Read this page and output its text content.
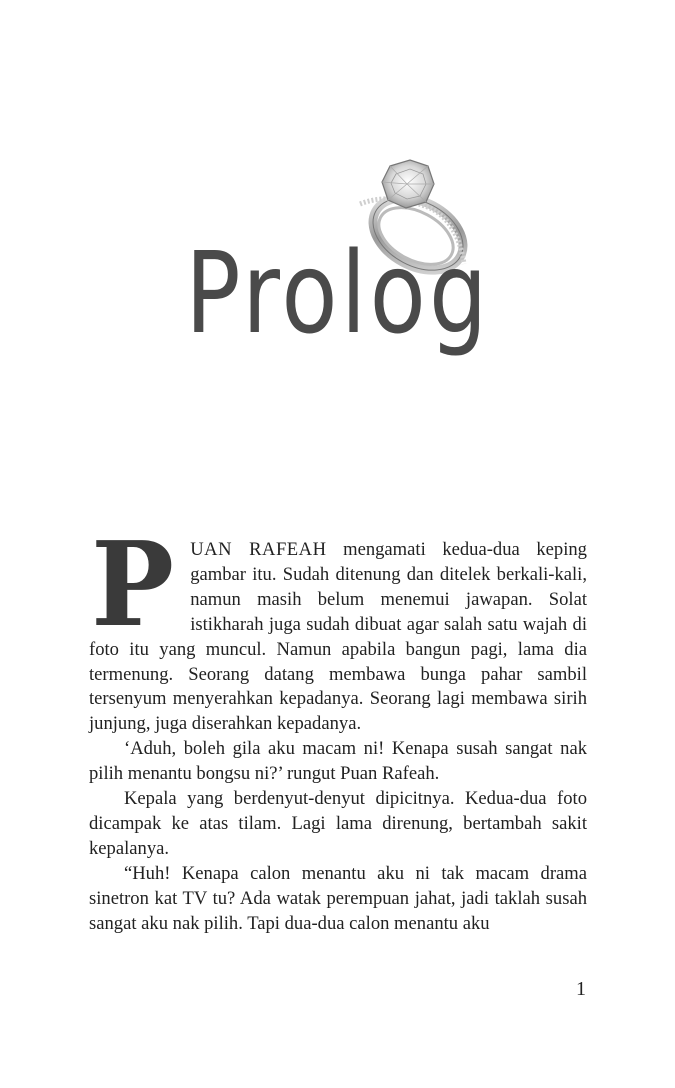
Prolog

PUAN RAFEAH mengamati kedua-dua keping gambar itu. Sudah ditenung dan ditelek berkali-kali, namun masih belum menemui jawapan. Solat istikharah juga sudah dibuat agar salah satu wajah di foto itu yang muncul. Namun apabila bangun pagi, lama dia termenung. Seorang datang membawa bunga pahar sambil tersenyum menyerahkan kepadanya. Seorang lagi membawa sirih junjung, juga diserahkan kepadanya.

‘Aduh, boleh gila aku macam ni! Kenapa susah sangat nak pilih menantu bongsu ni?’ rungut Puan Rafeah.

Kepala yang berdenyut-denyut dipicitnya. Kedua-dua foto dicampak ke atas tilam. Lagi lama direnung, bertambah sakit kepalanya.

“Huh! Kenapa calon menantu aku ni tak macam drama sinetron kat TV tu? Ada watak perempuan jahat, jadi taklah susah sangat aku nak pilih. Tapi dua-dua calon menantu aku

1
